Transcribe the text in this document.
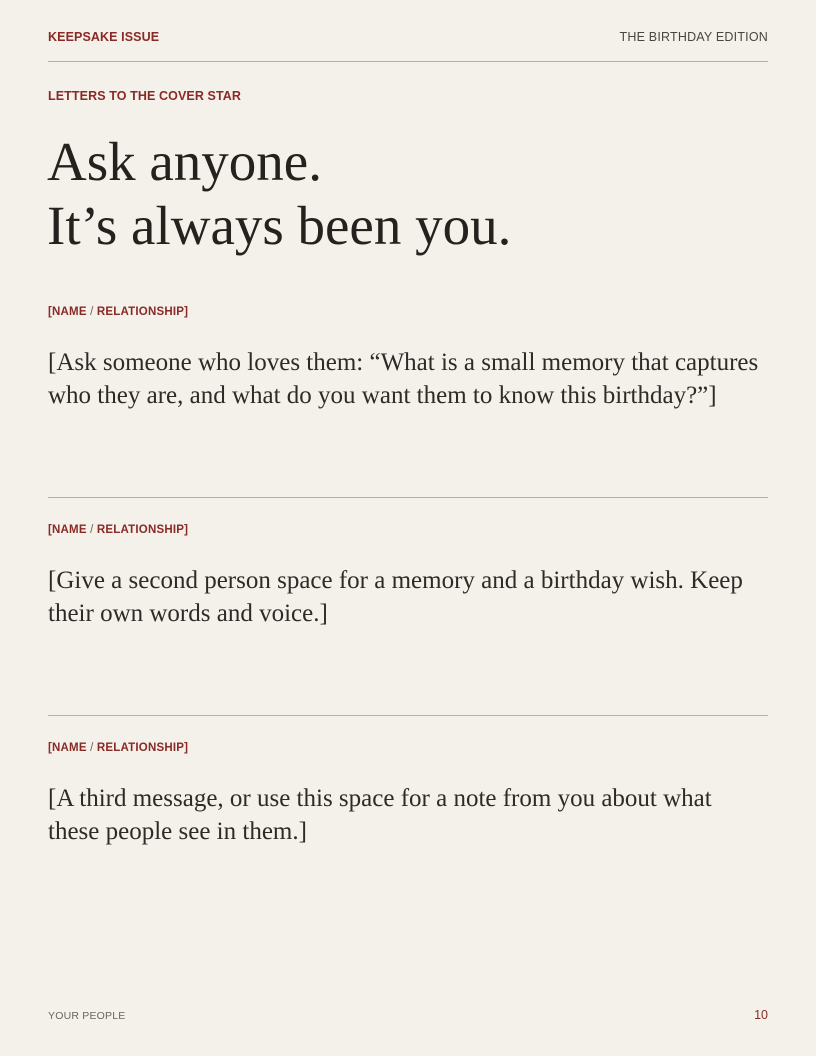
KEEPSAKE ISSUE	THE BIRTHDAY EDITION
LETTERS TO THE COVER STAR
Ask anyone.
It’s always been you.
[NAME / RELATIONSHIP]
[Ask someone who loves them: “What is a small memory that captures who they are, and what do you want them to know this birthday?”]
[NAME / RELATIONSHIP]
[Give a second person space for a memory and a birthday wish. Keep their own words and voice.]
[NAME / RELATIONSHIP]
[A third message, or use this space for a note from you about what these people see in them.]
YOUR PEOPLE	10
